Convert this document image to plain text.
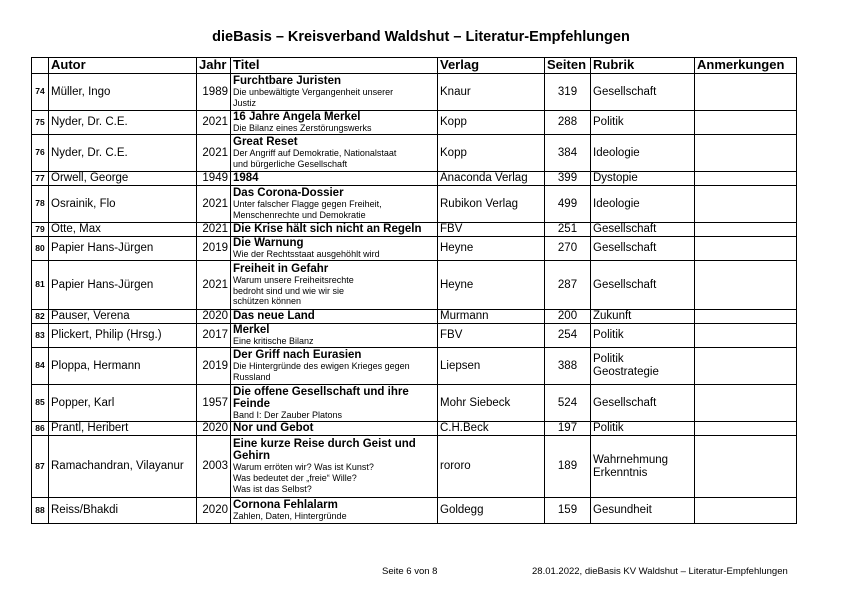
dieBasis – Kreisverband Waldshut – Literatur-Empfehlungen
	Autor	Jahr	Titel	Verlag	Seiten	Rubrik	Anmerkungen
74	Müller, Ingo	1989	Furchtbare Juristen
Die unbewältigte Vergangenheit unserer
Justiz	Knaur	319	Gesellschaft	

75	Nyder, Dr. C.E.	2021	16 Jahre Angela Merkel
Die Bilanz eines Zerstörungswerks	Kopp	288	Politik	

76	Nyder, Dr. C.E.	2021	Great Reset
Der Angriff auf Demokratie, Nationalstaat
und bürgerliche Gesellschaft	Kopp	384	Ideologie	

77	Orwell, George	1949	1984	Anaconda Verlag	399	Dystopie	

78	Osrainik, Flo	2021	Das Corona-Dossier
Unter falscher Flagge gegen Freiheit,
Menschenrechte und Demokratie	Rubikon Verlag	499	Ideologie	

79	Otte, Max	2021	Die Krise hält sich nicht an Regeln	FBV	251	Gesellschaft	

80	Papier Hans-Jürgen	2019	Die Warnung
Wie der Rechtsstaat ausgehöhlt wird	Heyne	270	Gesellschaft	

81	Papier Hans-Jürgen	2021	Freiheit in Gefahr
Warum unsere Freiheitsrechte
bedroht sind und wie wir sie
schützen können	Heyne	287	Gesellschaft	

82	Pauser, Verena	2020	Das neue Land	Murmann	200	Zukunft	

83	Plickert, Philip (Hrsg.)	2017	Merkel
Eine kritische Bilanz	FBV	254	Politik	

84	Ploppa, Hermann	2019	Der Griff nach Eurasien
Die Hintergründe des ewigen Krieges gegen
Russland	Liepsen	388	Politik
Geostrategie	

85	Popper, Karl	1957	Die offene Gesellschaft und ihre Feinde
Band I: Der Zauber Platons	Mohr Siebeck	524	Gesellschaft	

86	Prantl, Heribert	2020	Nor und Gebot	C.H.Beck	197	Politik	

87	Ramachandran, Vilayanur	2003	Eine kurze Reise durch Geist und Gehirn
Warum erröten wir? Was ist Kunst?
Was bedeutet der „freie“ Wille?
Was ist das Selbst?	rororo	189	Wahrnehmung
Erkenntnis	

88	Reiss/Bhakdi	2020	Cornona Fehlalarm
Zahlen, Daten, Hintergründe	Goldegg	159	Gesundheit	

Seite 6 von 8	28.01.2022, dieBasis KV Waldshut – Literatur-Empfehlungen
